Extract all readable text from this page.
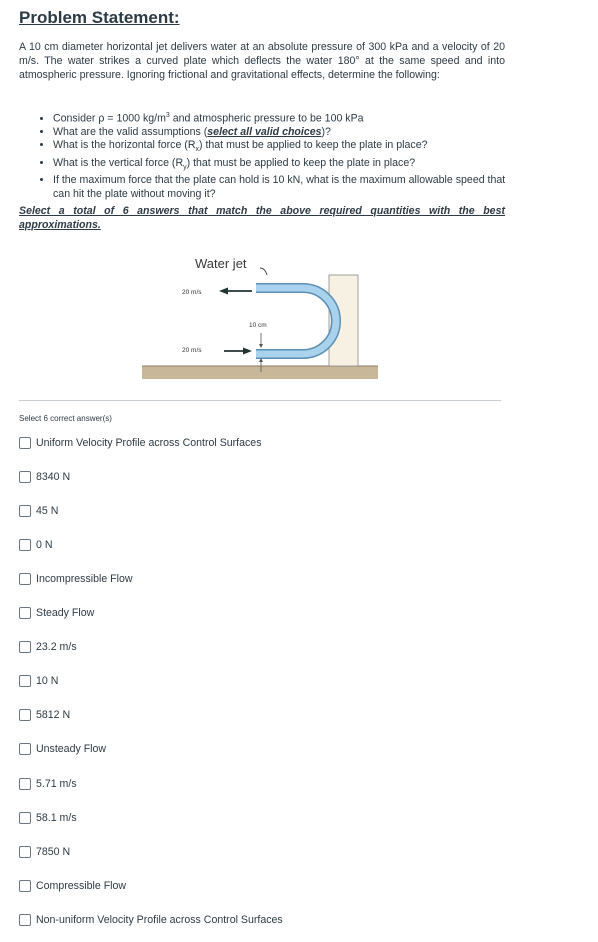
Problem Statement:
A 10 cm diameter horizontal jet delivers water at an absolute pressure of 300 kPa and a velocity of 20 m/s. The water strikes a curved plate which deflects the water 180° at the same speed and into atmospheric pressure. Ignoring frictional and gravitational effects, determine the following:
• Consider ρ = 1000 $kg/m^3$ and atmospheric pressure to be 100 kPa
• What are the valid assumptions (select all valid choices)?
• What is the horizontal force $(R_x)$ that must be applied to keep the plate in place?
• What is the vertical force $(R_y)$ that must be applied to keep the plate in place?
• If the maximum force that the plate can hold is 10 kN, what is the maximum allowable speed that can hit the plate without moving it?
Select a total of 6 answers that match the above required quantities with the best approximations.
Water jet
20 m/s
20 m/s
10 cm
Select 6 correct answer(s)
Uniform Velocity Profile across Control Surfaces
8340 N
45 N
0 N
Incompressible Flow
Steady Flow
23.2 m/s
10 N
5812 N
Unsteady Flow
5.71 m/s
58.1 m/s
7850 N
Compressible Flow
Non-uniform Velocity Profile across Control Surfaces
